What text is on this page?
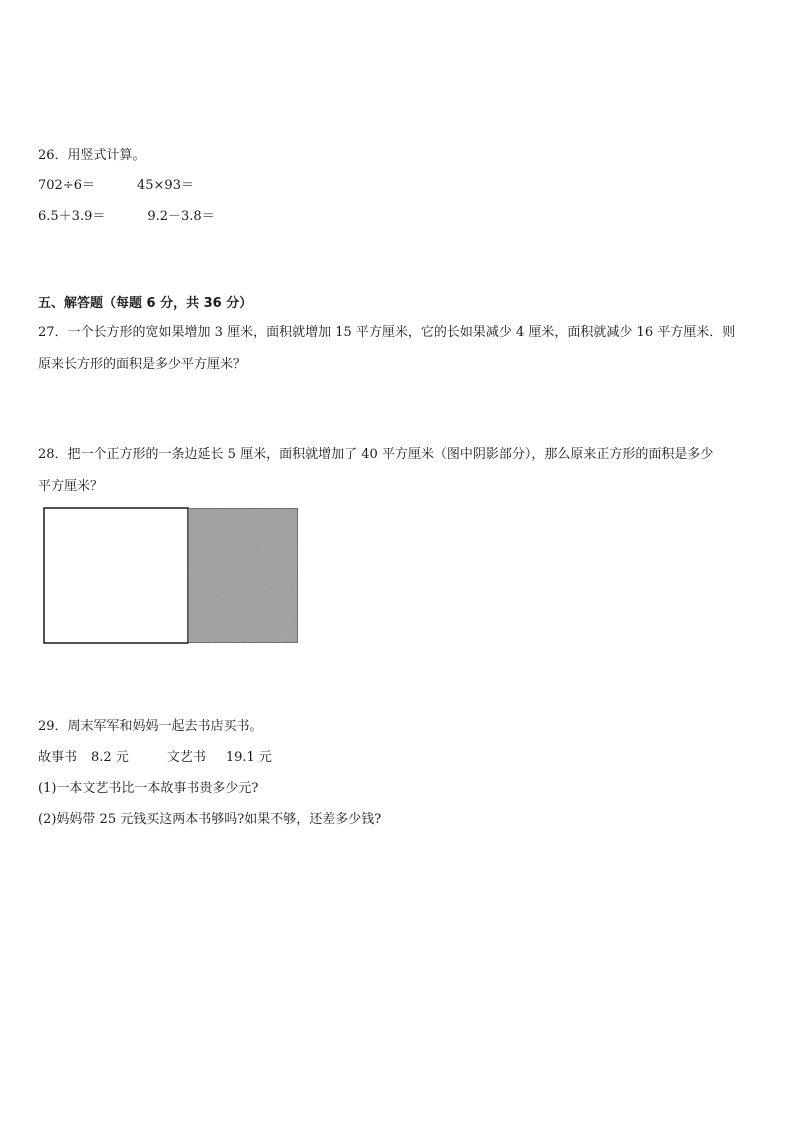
26．用竖式计算。
702÷6＝	45×93＝
6.5＋3.9＝	9.2－3.8＝
五、解答题（每题 6 分，共 36 分）
27．一个长方形的宽如果增加 3 厘米，面积就增加 15 平方厘米，它的长如果减少 4 厘米，面积就减少 16 平方厘米．则
原来长方形的面积是多少平方厘米？
28．把一个正方形的一条边延长 5 厘米，面积就增加了 40 平方厘米（图中阴影部分），那么原来正方形的面积是多少
平方厘米？
29．周末军军和妈妈一起去书店买书。
故事书 8.2 元	文艺书 19.1 元
(1)一本文艺书比一本故事书贵多少元?
(2)妈妈带 25 元钱买这两本书够吗?如果不够，还差多少钱?
